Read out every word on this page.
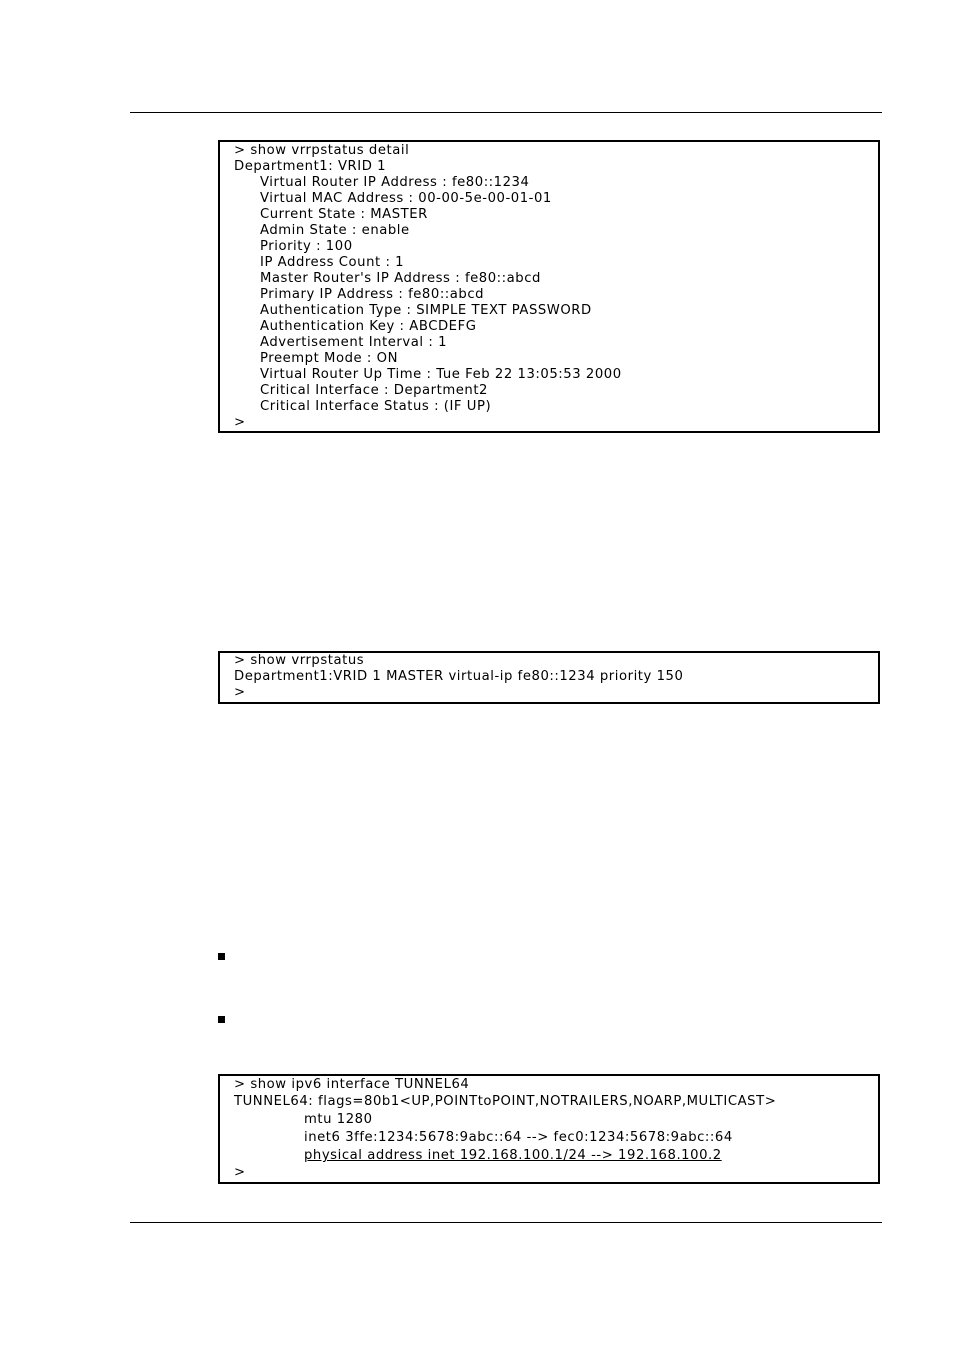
> show vrrpstatus detail
Department1: VRID 1
Virtual Router IP Address : fe80::1234
Virtual MAC Address : 00-00-5e-00-01-01
Current State : MASTER
Admin State : enable
Priority : 100
IP Address Count : 1
Master Router's IP Address : fe80::abcd
Primary IP Address : fe80::abcd
Authentication Type : SIMPLE TEXT PASSWORD
Authentication Key : ABCDEFG
Advertisement Interval : 1
Preempt Mode : ON
Virtual Router Up Time : Tue Feb 22 13:05:53 2000
Critical Interface : Department2
Critical Interface Status : (IF UP)
>
> show vrrpstatus
Department1:VRID 1 MASTER virtual-ip fe80::1234 priority 150
>
> show ipv6 interface TUNNEL64
TUNNEL64: flags=80b1<UP,POINTtoPOINT,NOTRAILERS,NOARP,MULTICAST>
mtu 1280
inet6 3ffe:1234:5678:9abc::64 --> fec0:1234:5678:9abc::64
physical address inet 192.168.100.1/24 --> 192.168.100.2
>
